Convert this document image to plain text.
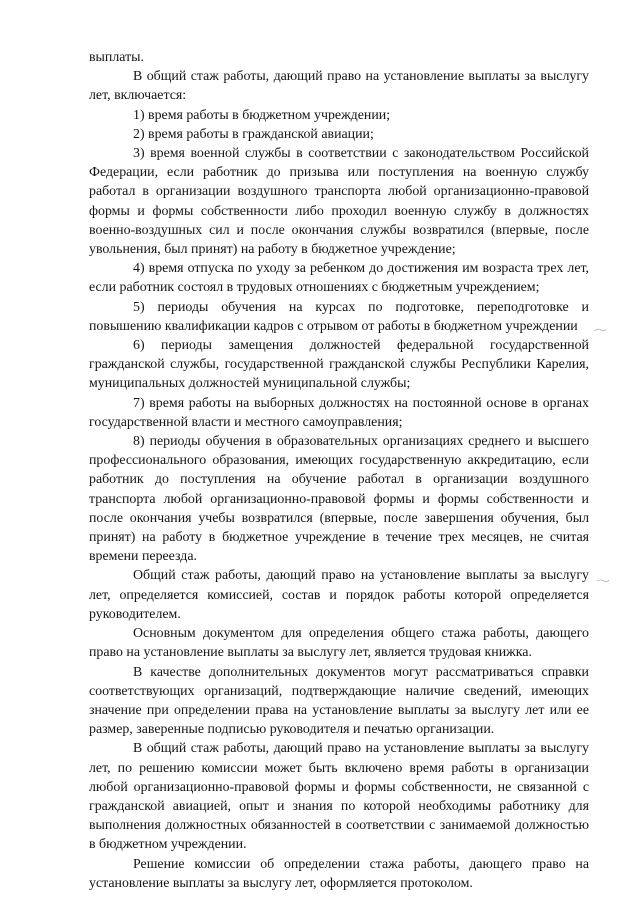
выплаты.

В общий стаж работы, дающий право на установление выплаты за выслугу лет, включается:

1) время работы в бюджетном учреждении;

2) время работы в гражданской авиации;

3) время военной службы в соответствии с законодательством Российской Федерации, если работник до призыва или поступления на военную службу работал в организации воздушного транспорта любой организационно-правовой формы и формы собственности либо проходил военную службу в должностях военно-воздушных сил и после окончания службы возвратился (впервые, после увольнения, был принят) на работу в бюджетное учреждение;

4) время отпуска по уходу за ребенком до достижения им возраста трех лет, если работник состоял в трудовых отношениях с бюджетным учреждением;

5) периоды обучения на курсах по подготовке, переподготовке и повышению квалификации кадров с отрывом от работы в бюджетном учреждении

6) периоды замещения должностей федеральной государственной гражданской службы, государственной гражданской службы Республики Карелия, муниципальных должностей муниципальной службы;

7) время работы на выборных должностях на постоянной основе в органах государственной власти и местного самоуправления;

8) периоды обучения в образовательных организациях среднего и высшего профессионального образования, имеющих государственную аккредитацию, если работник до поступления на обучение работал в организации воздушного транспорта любой организационно-правовой формы и формы собственности и после окончания учебы возвратился (впервые, после завершения обучения, был принят) на работу в бюджетное учреждение в течение трех месяцев, не считая времени переезда.

Общий стаж работы, дающий право на установление выплаты за выслугу лет, определяется комиссией, состав и порядок работы которой определяется руководителем.

Основным документом для определения общего стажа работы, дающего право на установление выплаты за выслугу лет, является трудовая книжка.

В качестве дополнительных документов могут рассматриваться справки соответствующих организаций, подтверждающие наличие сведений, имеющих значение при определении права на установление выплаты за выслугу лет или ее размер, заверенные подписью руководителя и печатью организации.

В общий стаж работы, дающий право на установление выплаты за выслугу лет, по решению комиссии может быть включено время работы в организации любой организационно-правовой формы и формы собственности, не связанной с гражданской авиацией, опыт и знания по которой необходимы работнику для выполнения должностных обязанностей в соответствии с занимаемой должностью в бюджетном учреждении.

Решение комиссии об определении стажа работы, дающего право на установление выплаты за выслугу лет, оформляется протоколом.
